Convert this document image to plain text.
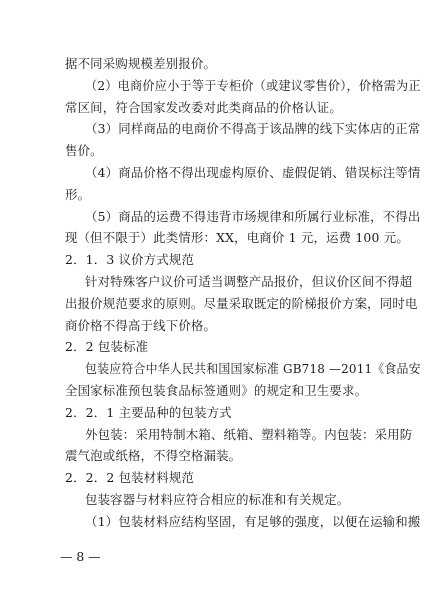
据不同采购规模差别报价。
（2）电商价应小于等于专柜价（或建议零售价），价格需为正
常区间，符合国家发改委对此类商品的价格认证。
（3）同样商品的电商价不得高于该品牌的线下实体店的正常
售价。
（4）商品价格不得出现虚构原价、虚假促销、错误标注等情
形。
（5）商品的运费不得违背市场规律和所属行业标准，不得出
现（但不限于）此类情形：XX，电商价 1 元，运费 100 元。
2．1．3 议价方式规范
针对特殊客户议价可适当调整产品报价，但议价区间不得超
出报价规范要求的原则。尽量采取既定的阶梯报价方案，同时电
商价格不得高于线下价格。
2．2 包装标准
包装应符合中华人民共和国国家标准 GB718 —2011《食品安
全国家标准预包装食品标签通则》的规定和卫生要求。
2．2．1 主要品种的包装方式
外包装：采用特制木箱、纸箱、塑料箱等。内包装：采用防
震气泡或纸格，不得空格漏装。
2．2．2 包装材料规范
包装容器与材料应符合相应的标准和有关规定。
（1）包装材料应结构坚固，有足够的强度，以便在运输和搬
— 8 —
